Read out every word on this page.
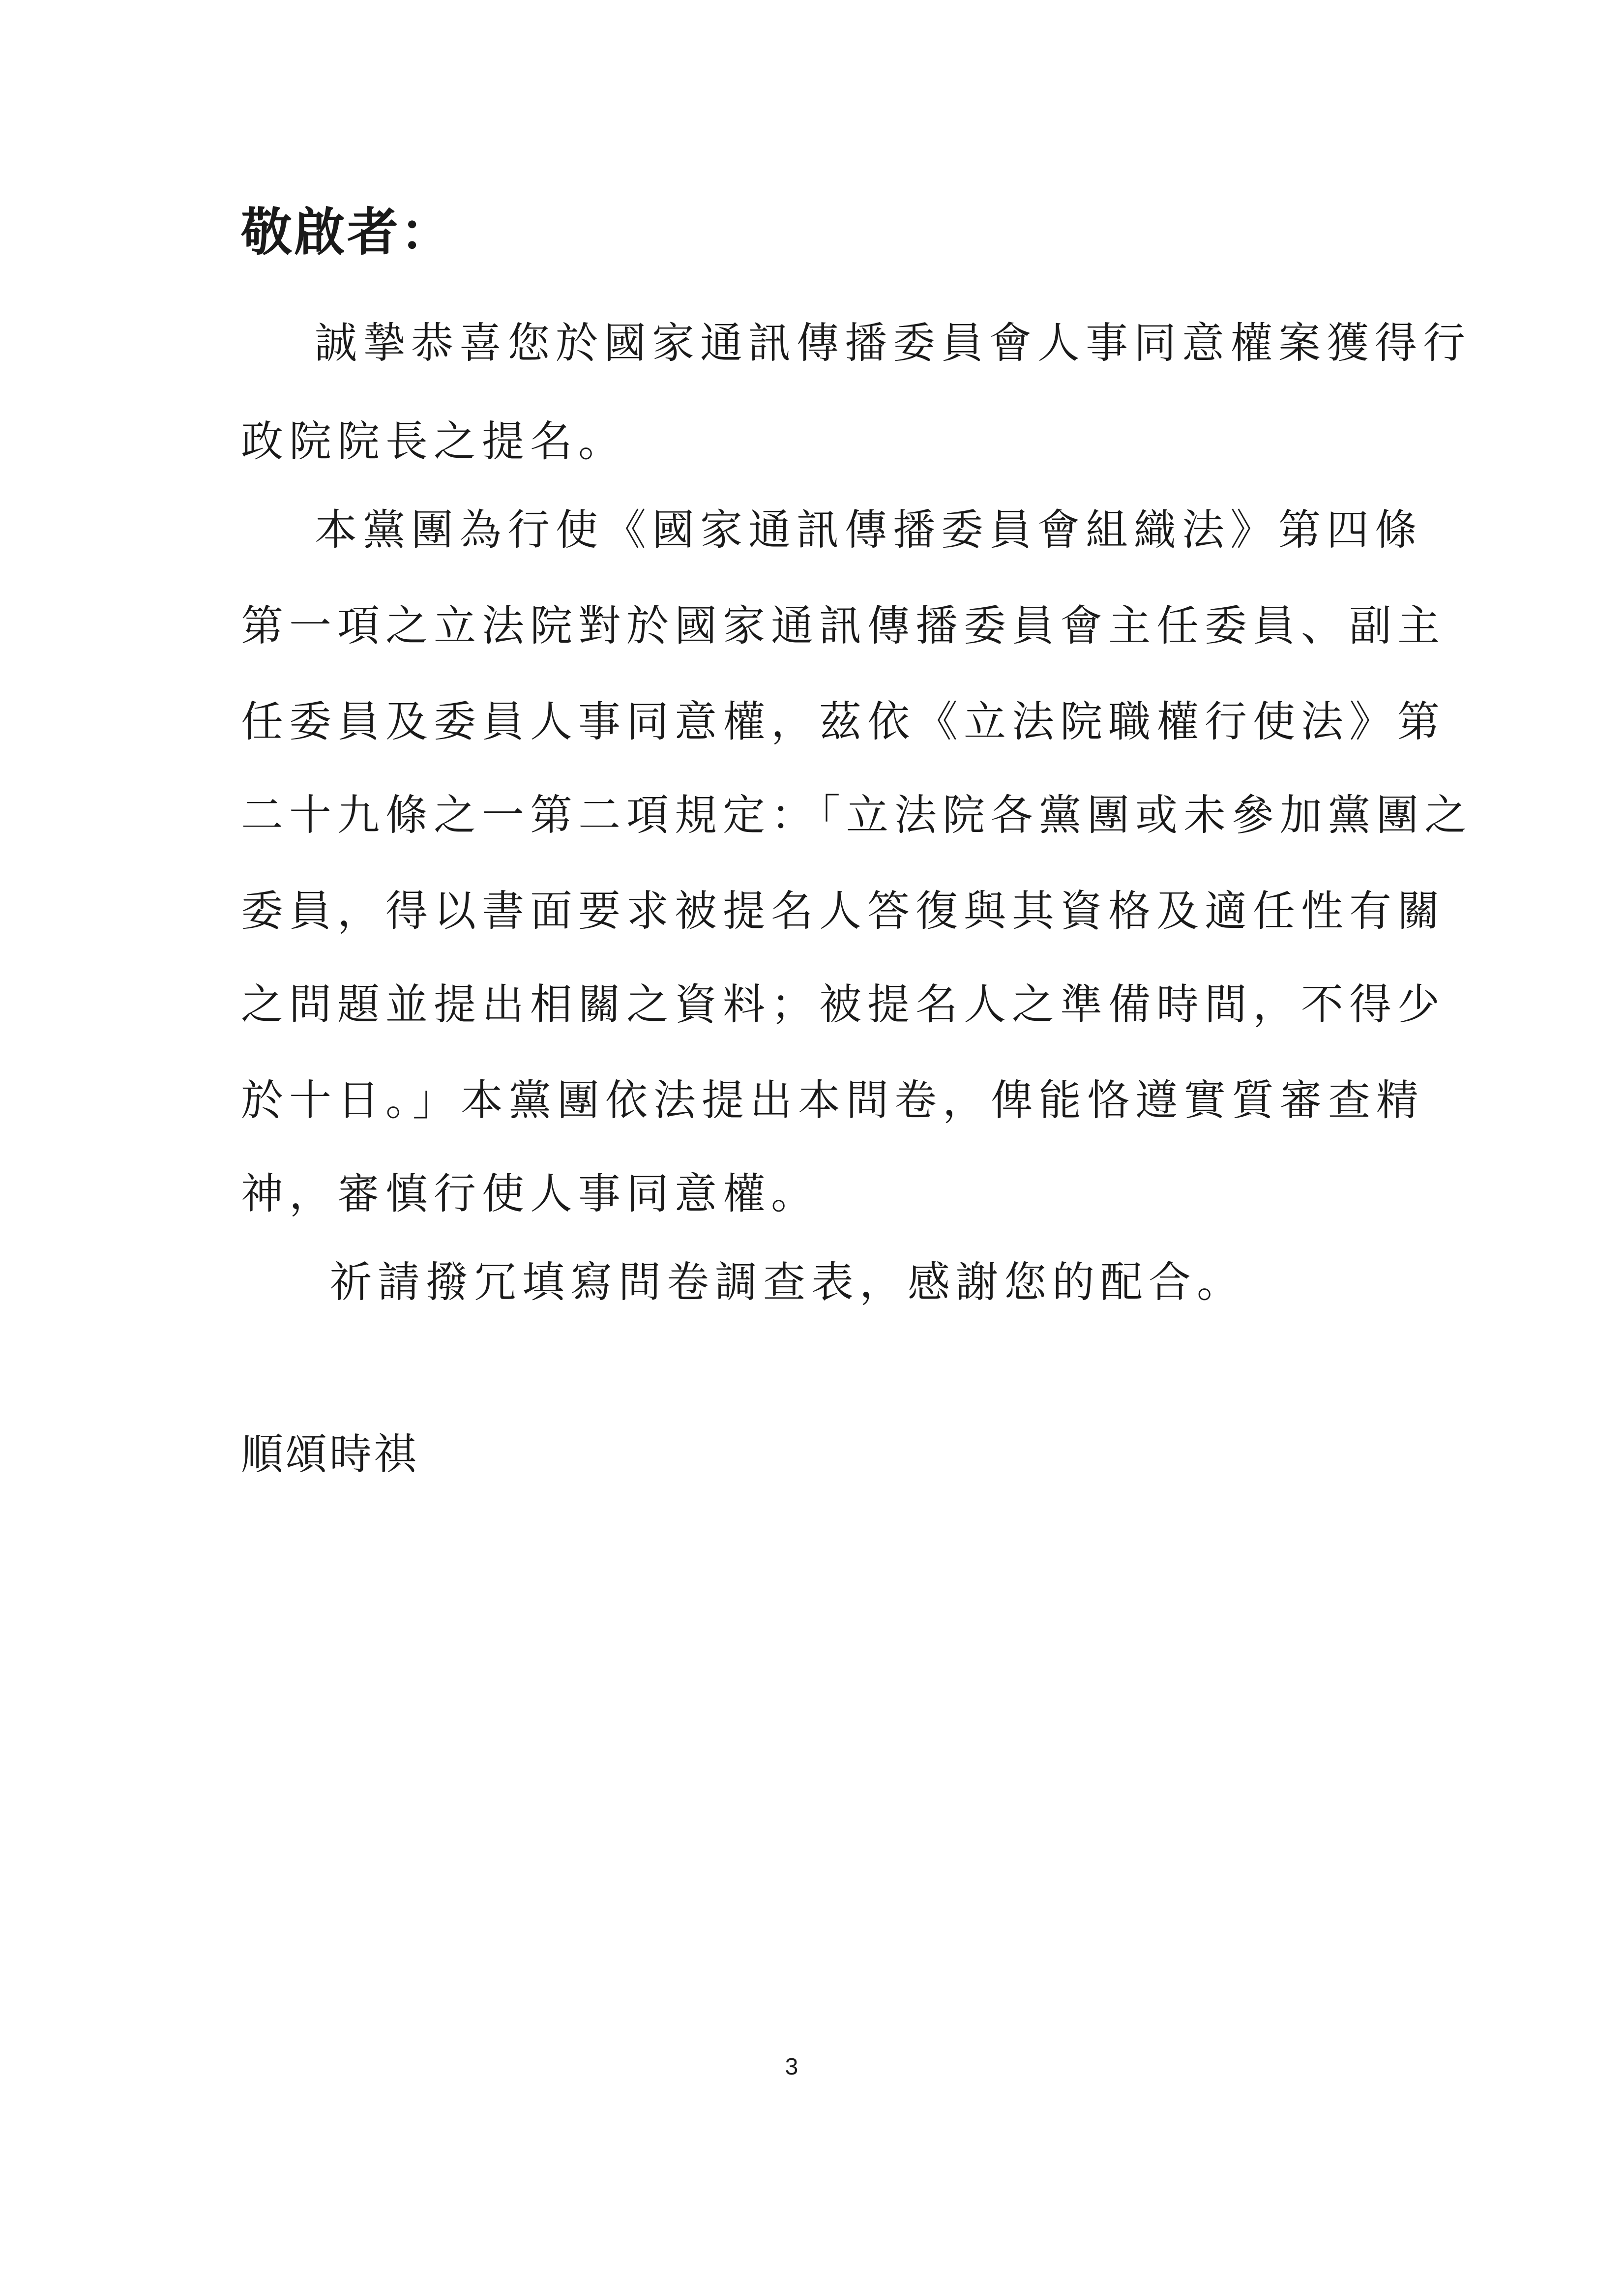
敬啟者：
誠摯恭喜您於國家通訊傳播委員會人事同意權案獲得行
政院院長之提名。
本黨團為行使《國家通訊傳播委員會組織法》第四條
第一項之立法院對於國家通訊傳播委員會主任委員、副主
任委員及委員人事同意權，茲依《立法院職權行使法》第
二十九條之一第二項規定：「立法院各黨團或未參加黨團之
委員，得以書面要求被提名人答復與其資格及適任性有關
之問題並提出相關之資料；被提名人之準備時間，不得少
於十日。」本黨團依法提出本問卷，俾能恪遵實質審查精
神，審慎行使人事同意權。
祈請撥冗填寫問卷調查表，感謝您的配合。
順頌時祺
3
